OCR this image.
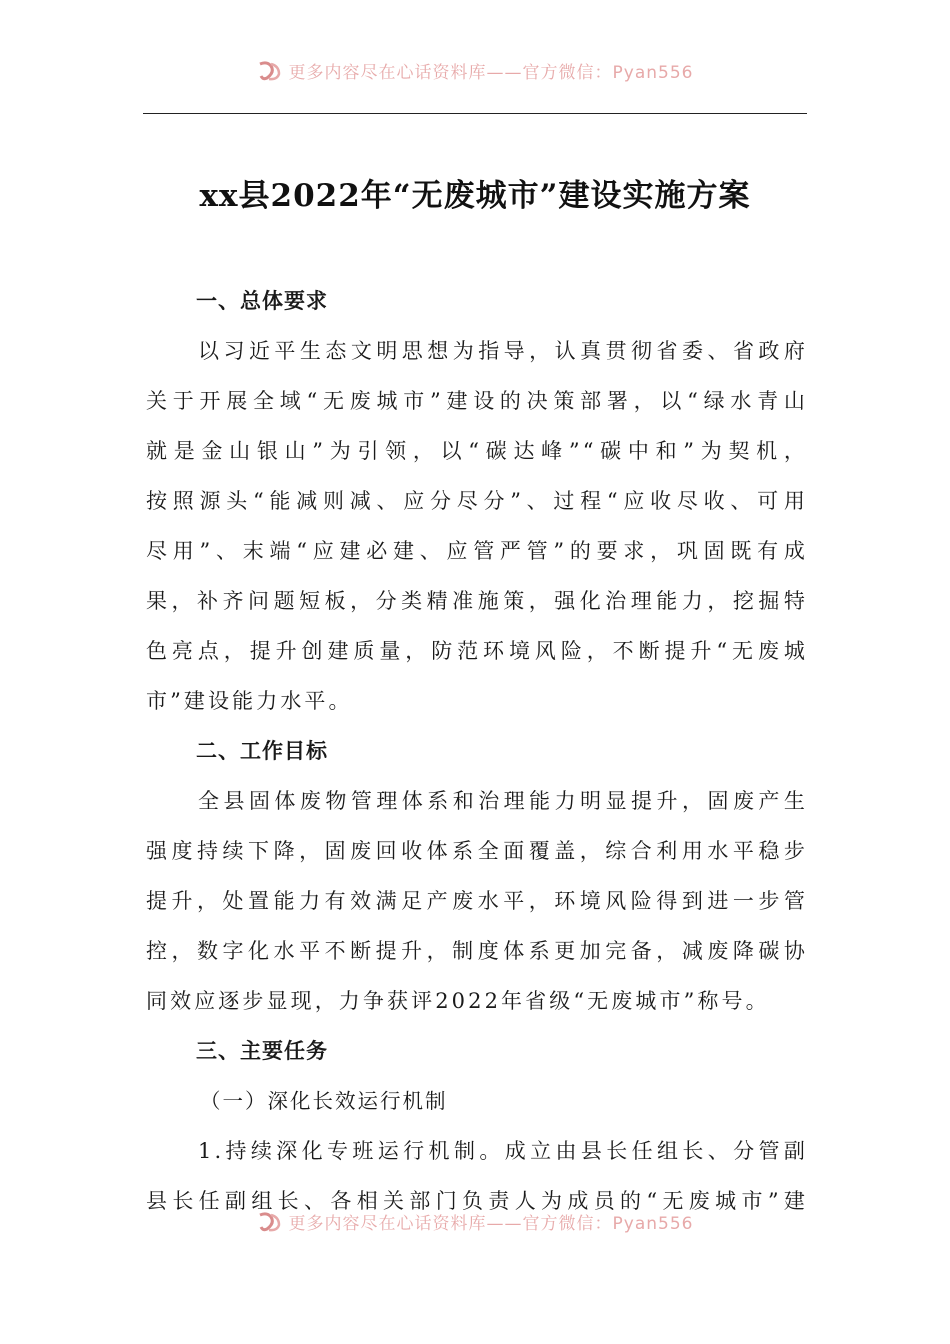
更多内容尽在心话资料库——官方微信：Pyan556
xx县2022年“无废城市”建设实施方案

一、总体要求

以习近平生态文明思想为指导，认真贯彻省委、省政府
关于开展全域“无废城市”建设的决策部署，以“绿水青山
就是金山银山”为引领，以“碳达峰”“碳中和”为契机，
按照源头“能减则减、应分尽分”、过程“应收尽收、可用
尽用”、末端“应建必建、应管严管”的要求，巩固既有成
果，补齐问题短板，分类精准施策，强化治理能力，挖掘特
色亮点，提升创建质量，防范环境风险，不断提升“无废城
市”建设能力水平。

二、工作目标

全县固体废物管理体系和治理能力明显提升，固废产生
强度持续下降，固废回收体系全面覆盖，综合利用水平稳步
提升，处置能力有效满足产废水平，环境风险得到进一步管
控，数字化水平不断提升，制度体系更加完备，减废降碳协
同效应逐步显现，力争获评2022年省级“无废城市”称号。

三、主要任务

（一）深化长效运行机制

1.持续深化专班运行机制。成立由县长任组长、分管副
县长任副组长、各相关部门负责人为成员的“无废城市”建

更多内容尽在心话资料库——官方微信：Pyan556
